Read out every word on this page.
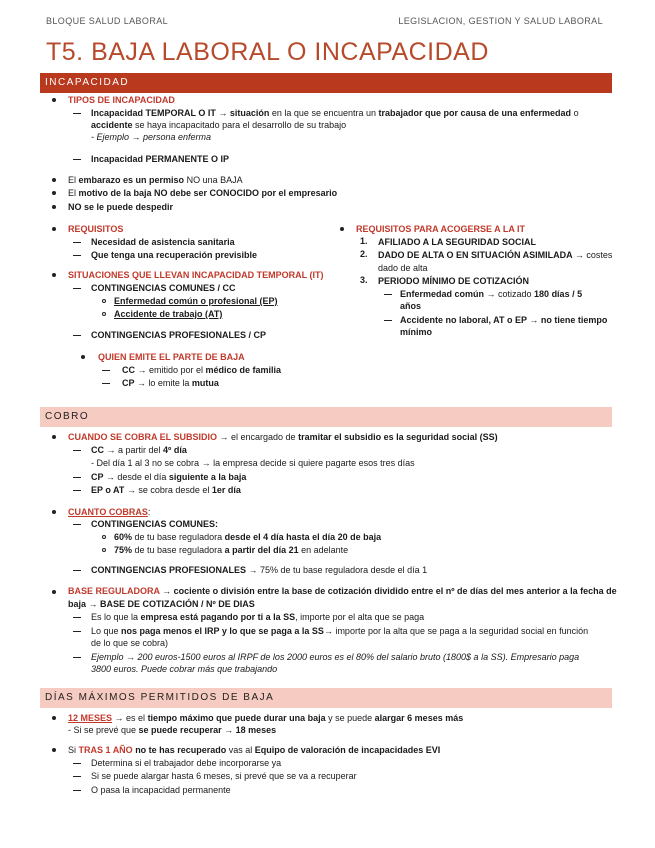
BLOQUE SALUD LABORAL	LEGISLACION, GESTION Y SALUD LABORAL
T5. BAJA LABORAL O INCAPACIDAD
INCAPACIDAD
TIPOS DE INCAPACIDAD
Incapacidad TEMPORAL O IT → situación en la que se encuentra un trabajador que por causa de una enfermedad o
accidente se haya incapacitado para el desarrollo de su trabajo
- Ejemplo → persona enferma
Incapacidad PERMANENTE O IP
El embarazo es un permiso NO una BAJA
El motivo de la baja NO debe ser CONOCIDO por el empresario
NO se le puede despedir
REQUISITOS
Necesidad de asistencia sanitaria
Que tenga una recuperación previsible
SITUACIONES QUE LLEVAN INCAPACIDAD TEMPORAL (IT)
CONTINGENCIAS COMUNES / CC
Enfermedad común o profesional (EP)
Accidente de trabajo (AT)
CONTINGENCIAS PROFESIONALES / CP
QUIEN EMITE EL PARTE DE BAJA
CC → emitido por el médico de familia
CP → lo emite la mutua
REQUISITOS PARA ACOGERSE A LA IT
1. AFILIADO A LA SEGURIDAD SOCIAL
2. DADO DE ALTA O EN SITUACIÓN ASIMILADA → costes
dado de alta
3. PERIODO MÍNIMO DE COTIZACIÓN
Enfermedad común → cotizado 180 días / 5
años
Accidente no laboral, AT o EP → no tiene tiempo
mínimo
COBRO
CUANDO SE COBRA EL SUBSIDIO → el encargado de tramitar el subsidio es la seguridad social (SS)
CC → a partir del 4º día
- Del día 1 al 3 no se cobra → la empresa decide si quiere pagarte esos tres días
CP → desde el día siguiente a la baja
EP o AT → se cobra desde el 1er día
CUANTO COBRAS:
CONTINGENCIAS COMUNES:
60% de tu base reguladora desde el 4 día hasta el día 20 de baja
75% de tu base reguladora a partir del día 21 en adelante
CONTINGENCIAS PROFESIONALES → 75% de tu base reguladora desde el día 1
BASE REGULADORA → cociente o división entre la base de cotización dividido entre el nº de días del mes anterior a la fecha de
baja → BASE DE COTIZACIÓN / Nº DE DIAS
Es lo que la empresa está pagando por ti a la SS, importe por el alta que se paga
Lo que nos paga menos el IRP y lo que se paga a la SS→ importe por la alta que se paga a la seguridad social en función
de lo que se cobra)
Ejemplo → 200 euros-1500 euros al IRPF de los 2000 euros es el 80% del salario bruto (1800$ a la SS). Empresario paga
3800 euros. Puede cobrar más que trabajando
DÍAS MÁXIMOS PERMITIDOS DE BAJA
12 MESES → es el tiempo máximo que puede durar una baja y se puede alargar 6 meses más
- Si se prevé que se puede recuperar → 18 meses
Si TRAS 1 AÑO no te has recuperado vas al Equipo de valoración de incapacidades EVI
Determina si el trabajador debe incorporarse ya
Si se puede alargar hasta 6 meses, si prevé que se va a recuperar
O pasa la incapacidad permanente
